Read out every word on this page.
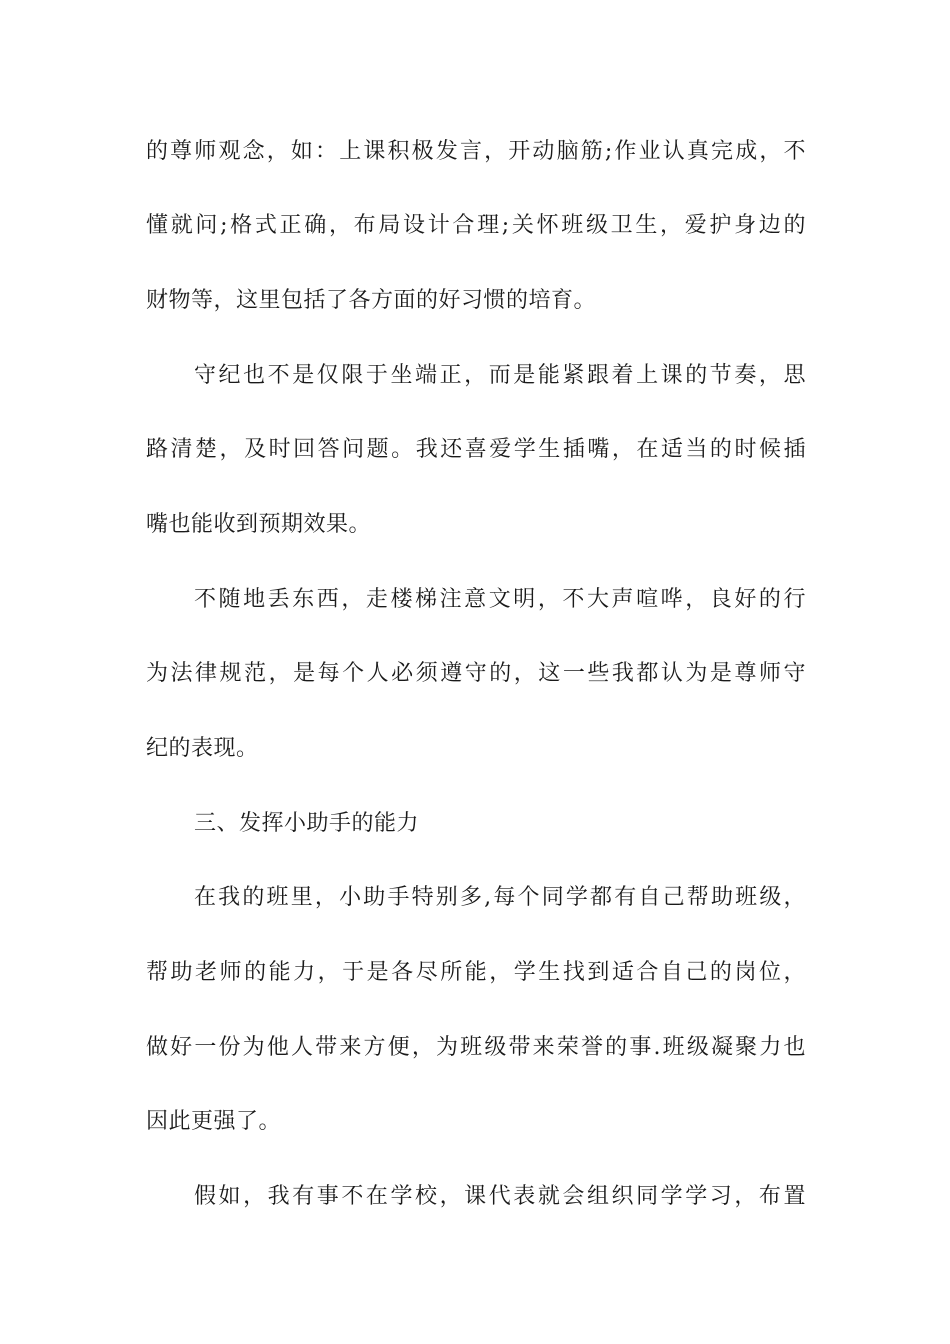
的尊师观念，如：上课积极发言，开动脑筋;作业认真完成，不
懂就问;格式正确，布局设计合理;关怀班级卫生，爱护身边的
财物等，这里包括了各方面的好习惯的培育。
守纪也不是仅限于坐端正，而是能紧跟着上课的节奏，思
路清楚，及时回答问题。我还喜爱学生插嘴，在适当的时候插
嘴也能收到预期效果。
不随地丢东西，走楼梯注意文明，不大声喧哗，良好的行
为法律规范，是每个人必须遵守的，这一些我都认为是尊师守
纪的表现。
三、发挥小助手的能力
在我的班里，小助手特别多,每个同学都有自己帮助班级，
帮助老师的能力，于是各尽所能，学生找到适合自己的岗位，
做好一份为他人带来方便，为班级带来荣誉的事.班级凝聚力也
因此更强了。
假如，我有事不在学校，课代表就会组织同学学习，布置
